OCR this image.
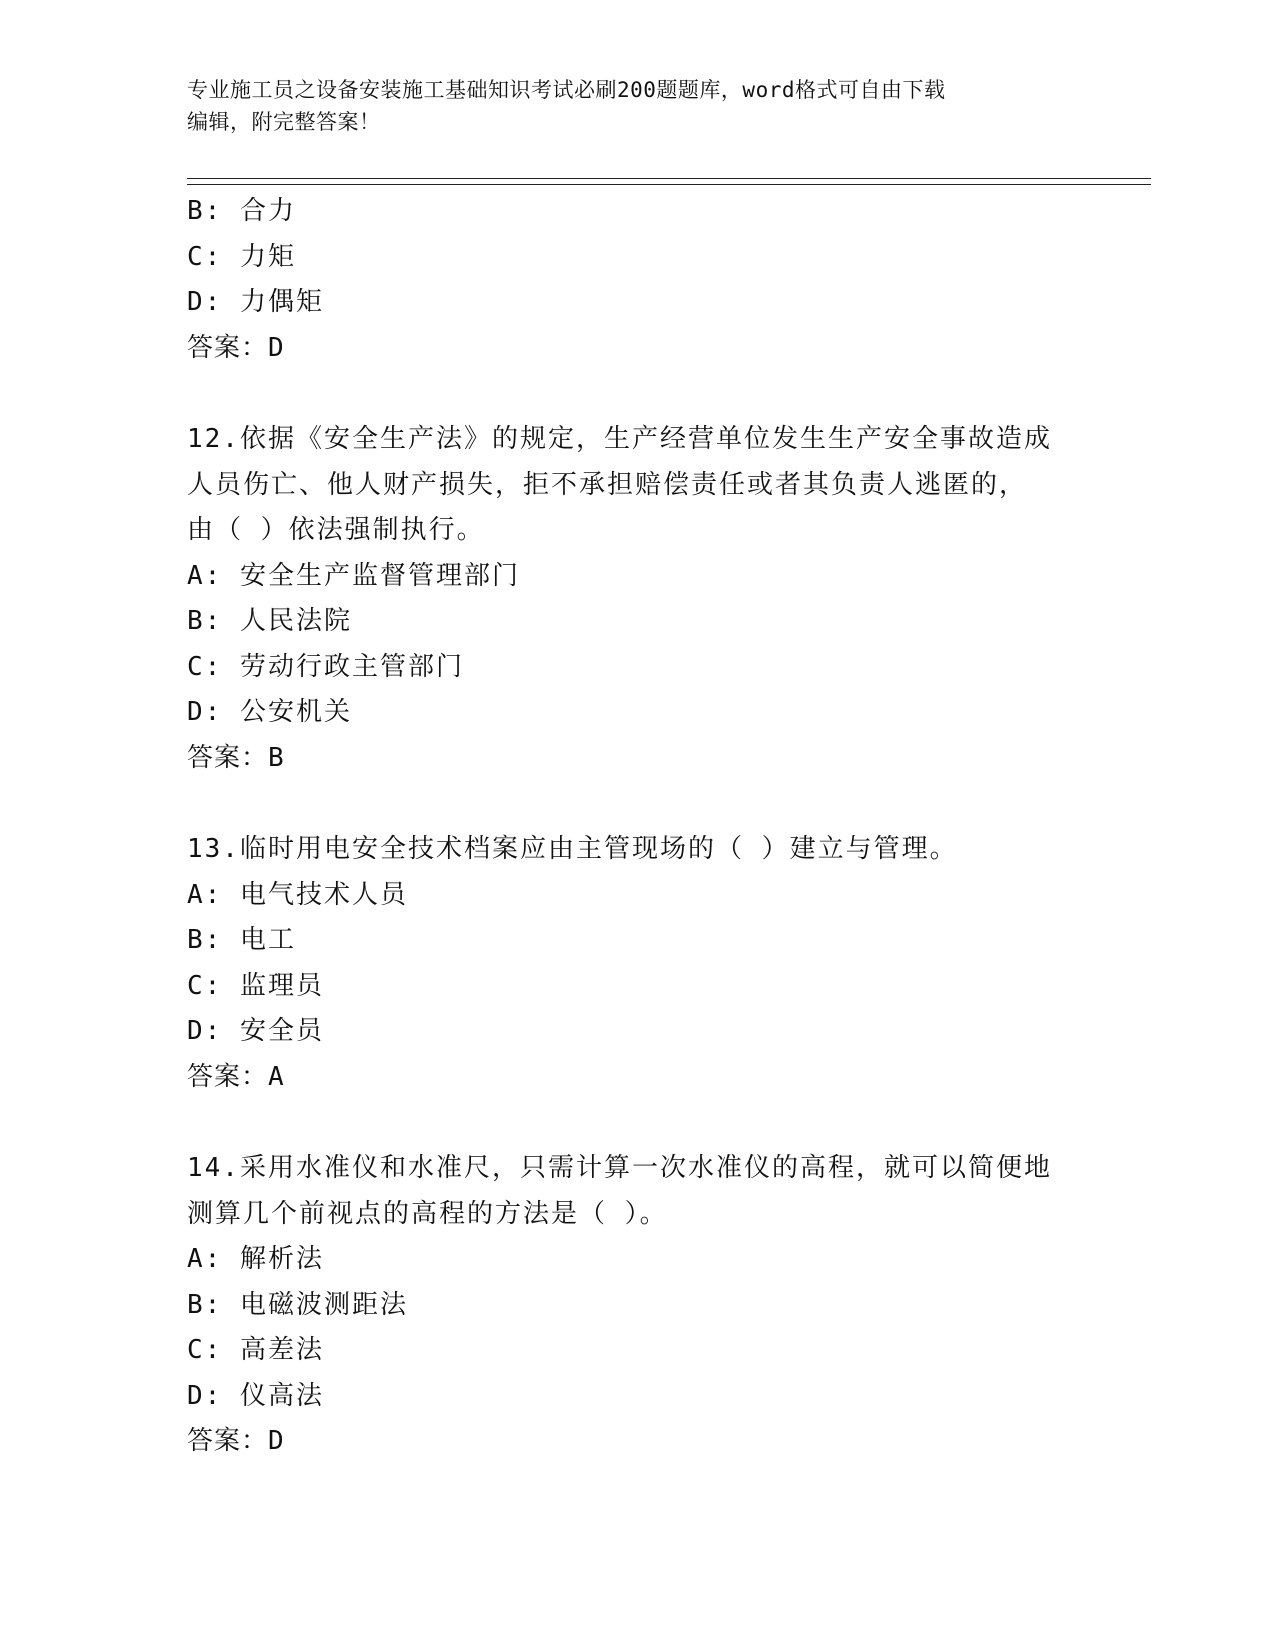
专业施工员之设备安装施工基础知识考试必刷200题题库，word格式可自由下载
编辑，附完整答案！
B: 合力
C: 力矩
D: 力偶矩
答案：D
12.依据《安全生产法》的规定，生产经营单位发生生产安全事故造成
人员伤亡、他人财产损失，拒不承担赔偿责任或者其负责人逃匿的，
由（ ）依法强制执行。
A: 安全生产监督管理部门
B: 人民法院
C: 劳动行政主管部门
D: 公安机关
答案：B
13.临时用电安全技术档案应由主管现场的（ ）建立与管理。
A: 电气技术人员
B: 电工
C: 监理员
D: 安全员
答案：A
14.采用水准仪和水准尺，只需计算一次水准仪的高程，就可以简便地
测算几个前视点的高程的方法是（ ）。
A: 解析法
B: 电磁波测距法
C: 高差法
D: 仪高法
答案：D
